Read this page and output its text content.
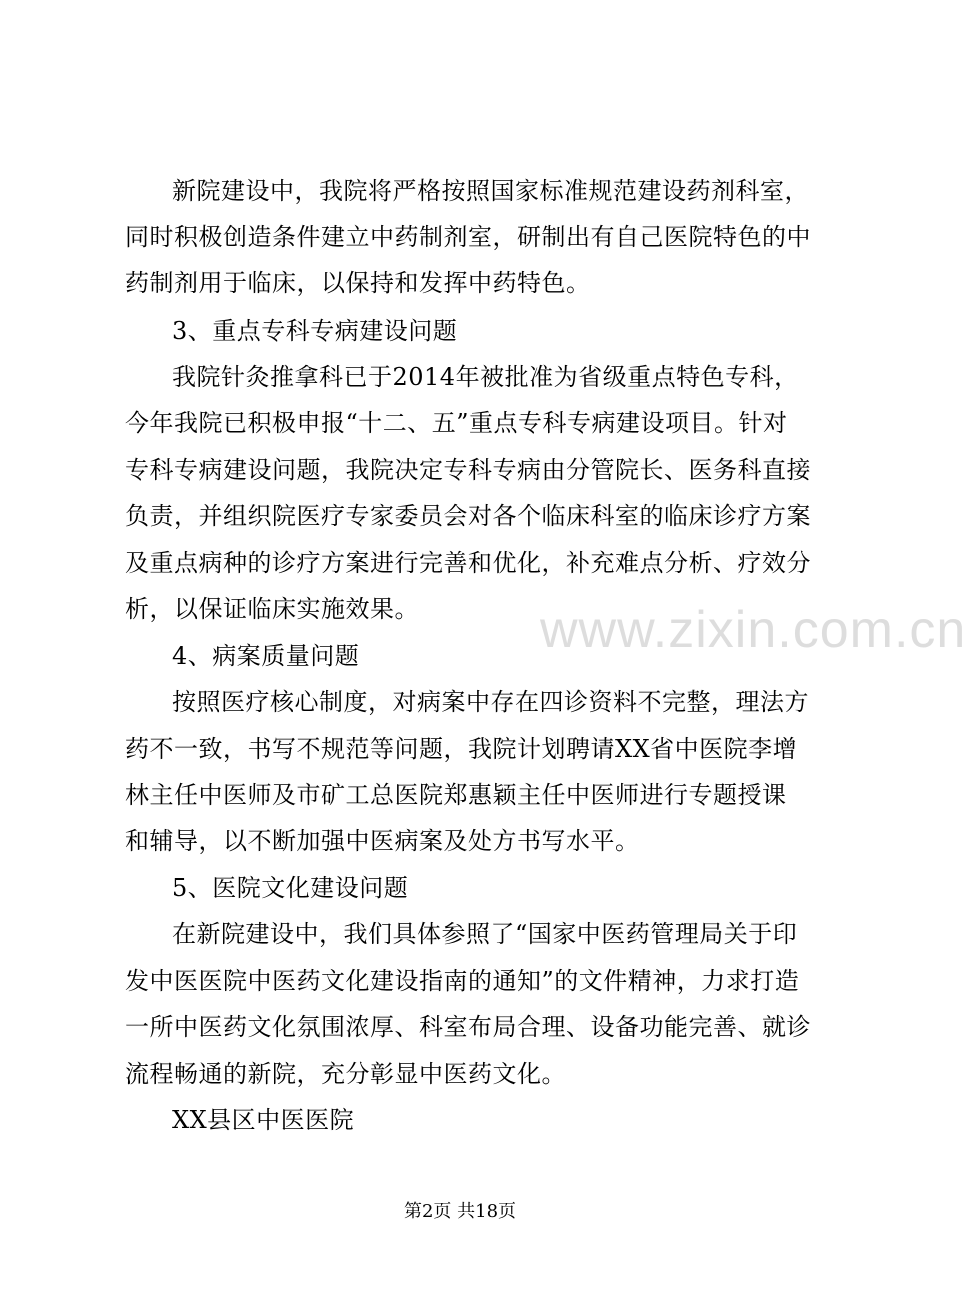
新院建设中，我院将严格按照国家标准规范建设药剂科室，
同时积极创造条件建立中药制剂室，研制出有自己医院特色的中
药制剂用于临床，以保持和发挥中药特色。
3、重点专科专病建设问题
我院针灸推拿科已于2014年被批准为省级重点特色专科，
今年我院已积极申报“十二、五”重点专科专病建设项目。针对
专科专病建设问题，我院决定专科专病由分管院长、医务科直接
负责，并组织院医疗专家委员会对各个临床科室的临床诊疗方案
及重点病种的诊疗方案进行完善和优化，补充难点分析、疗效分
析，以保证临床实施效果。
4、病案质量问题
按照医疗核心制度，对病案中存在四诊资料不完整，理法方
药不一致，书写不规范等问题，我院计划聘请XX省中医院李增
林主任中医师及市矿工总医院郑惠颖主任中医师进行专题授课
和辅导，以不断加强中医病案及处方书写水平。
5、医院文化建设问题
在新院建设中，我们具体参照了“国家中医药管理局关于印
发中医医院中医药文化建设指南的通知”的文件精神，力求打造
一所中医药文化氛围浓厚、科室布局合理、设备功能完善、就诊
流程畅通的新院，充分彰显中医药文化。
XX县区中医医院
www.zixin.com.cn
第2页 共18页
